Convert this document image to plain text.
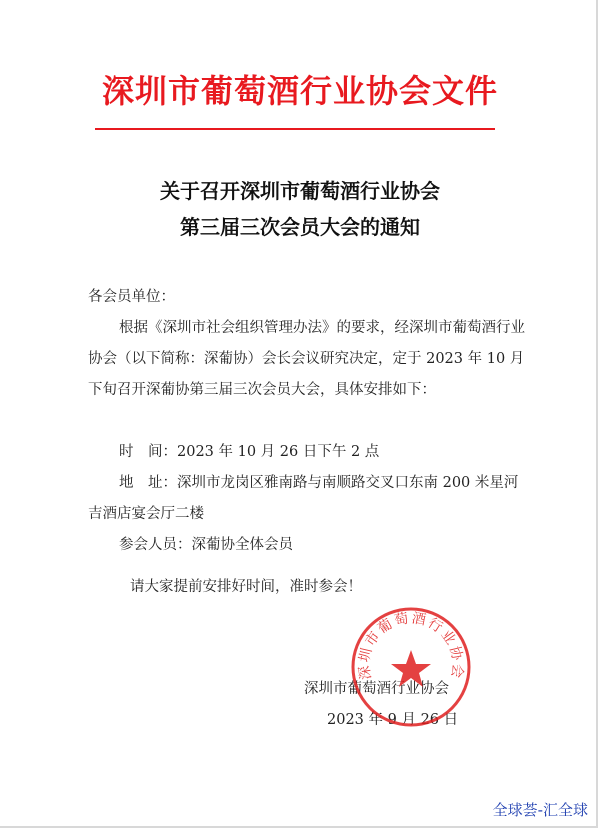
深圳市葡萄酒行业协会文件
关于召开深圳市葡萄酒行业协会
第三届三次会员大会的通知
各会员单位：
根据《深圳市社会组织管理办法》的要求，经深圳市葡萄酒行业协会（以下简称：深葡协）会长会议研究决定，定于 2023 年 10 月下旬召开深葡协第三届三次会员大会，具体安排如下：
时　间：2023 年 10 月 26 日下午 2 点
地　址：深圳市龙岗区雅南路与南顺路交叉口东南 200 米星河吉酒店宴会厅二楼
参会人员：深葡协全体会员
请大家提前安排好时间，准时参会！
深圳市葡萄酒行业协会
2023 年 9 月 26 日
深圳市葡萄酒行业协会
全球荟-汇全球
